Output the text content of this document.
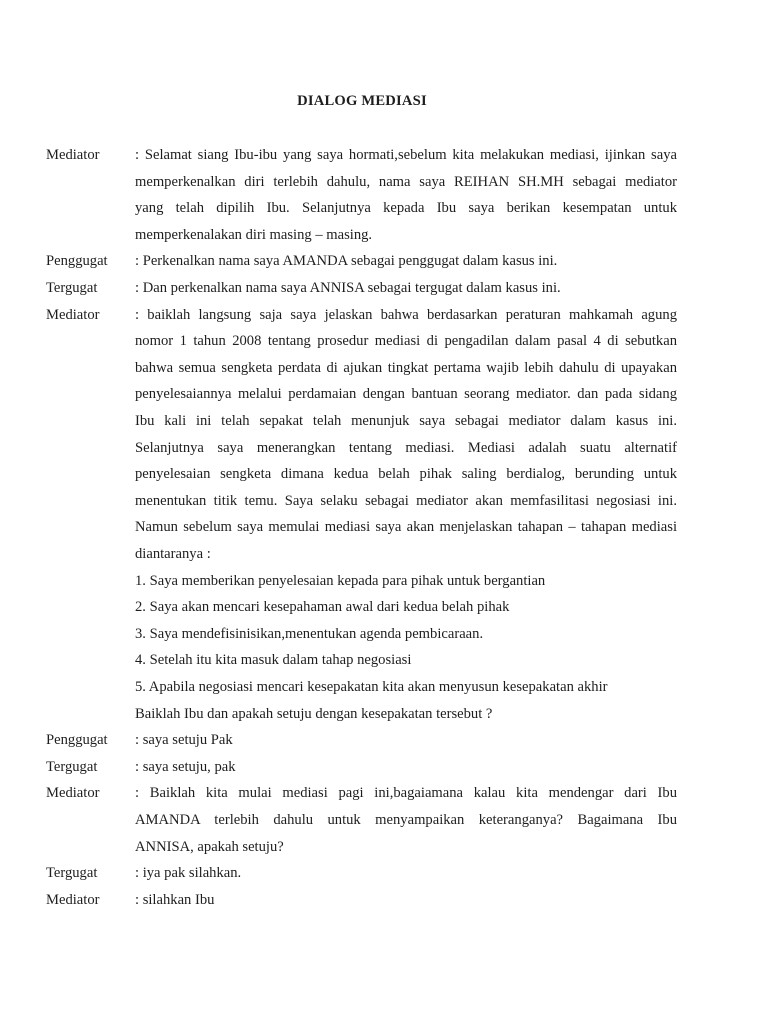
DIALOG MEDIASI
Mediator	: Selamat siang Ibu-ibu yang saya hormati,sebelum kita melakukan mediasi, ijinkan saya
memperkenalkan diri terlebih dahulu, nama saya REIHAN SH.MH sebagai mediator
yang telah dipilih Ibu. Selanjutnya kepada Ibu saya berikan kesempatan untuk
memperkenalakan diri masing – masing.
Penggugat	: Perkenalkan nama saya AMANDA sebagai penggugat dalam kasus ini.
Tergugat	: Dan perkenalkan nama saya ANNISA sebagai tergugat dalam kasus ini.
Mediator	: baiklah langsung saja saya jelaskan bahwa berdasarkan peraturan mahkamah agung
nomor 1 tahun 2008 tentang prosedur mediasi di pengadilan dalam pasal 4 di sebutkan
bahwa semua sengketa perdata di ajukan tingkat pertama wajib lebih dahulu di upayakan
penyelesaiannya melalui perdamaian dengan bantuan seorang mediator. dan pada sidang
Ibu kali ini telah sepakat telah menunjuk saya sebagai mediator dalam kasus ini.
Selanjutnya saya menerangkan tentang mediasi. Mediasi adalah suatu alternatif
penyelesaian sengketa dimana kedua belah pihak saling berdialog, berunding untuk
menentukan titik temu. Saya selaku sebagai mediator akan memfasilitasi negosiasi ini.
Namun sebelum saya memulai mediasi saya akan menjelaskan tahapan – tahapan mediasi
diantaranya :
1. Saya memberikan penyelesaian kepada para pihak untuk bergantian
2. Saya akan mencari kesepahaman awal dari kedua belah pihak
3. Saya mendefisinisikan,menentukan agenda pembicaraan.
4. Setelah itu kita masuk dalam tahap negosiasi
5. Apabila negosiasi mencari kesepakatan kita akan menyusun kesepakatan akhir
Baiklah Ibu dan apakah setuju dengan kesepakatan tersebut ?
Penggugat	: saya setuju Pak
Tergugat	: saya setuju, pak
Mediator	: Baiklah kita mulai mediasi pagi ini,bagaiamana kalau kita mendengar dari Ibu
AMANDA terlebih dahulu untuk menyampaikan keteranganya? Bagaimana Ibu
ANNISA, apakah setuju?
Tergugat	: iya pak silahkan.
Mediator	: silahkan Ibu
